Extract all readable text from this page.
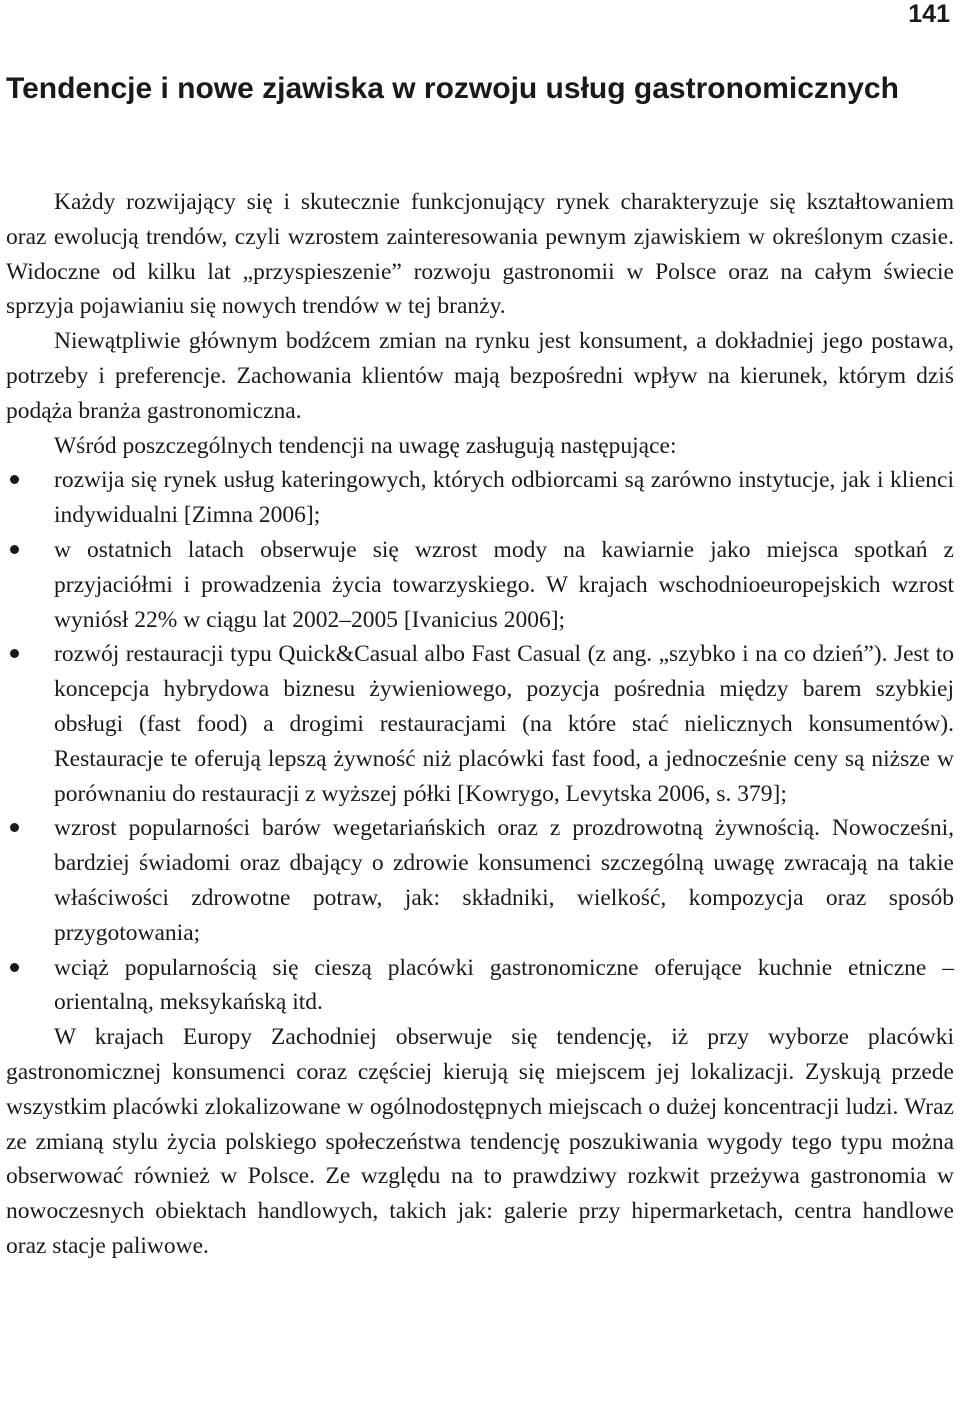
141
Tendencje i nowe zjawiska w rozwoju usług gastronomicznych

Każdy rozwijający się i skutecznie funkcjonujący rynek charakteryzuje się kształtowaniem oraz ewolucją trendów, czyli wzrostem zainteresowania pewnym zjawiskiem w określonym czasie. Widoczne od kilku lat „przyspieszenie” rozwoju gastronomii w Polsce oraz na całym świecie sprzyja pojawianiu się nowych trendów w tej branży.

Niewątpliwie głównym bodźcem zmian na rynku jest konsument, a dokładniej jego postawa, potrzeby i preferencje. Zachowania klientów mają bezpośredni wpływ na kierunek, którym dziś podąża branża gastronomiczna.

Wśród poszczególnych tendencji na uwagę zasługują następujące:

rozwija się rynek usług kateringowych, których odbiorcami są zarówno instytucje, jak i klienci indywidualni [Zimna 2006];
w ostatnich latach obserwuje się wzrost mody na kawiarnie jako miejsca spotkań z przyjaciółmi i prowadzenia życia towarzyskiego. W krajach wschodnioeuropejskich wzrost wyniósł 22% w ciągu lat 2002–2005 [Ivanicius 2006];
rozwój restauracji typu Quick&Casual albo Fast Casual (z ang. „szybko i na co dzień”). Jest to koncepcja hybrydowa biznesu żywieniowego, pozycja pośrednia między barem szybkiej obsługi (fast food) a drogimi restauracjami (na które stać nielicznych konsumentów). Restauracje te oferują lepszą żywność niż placówki fast food, a jednocześnie ceny są niższe w porównaniu do restauracji z wyższej półki [Kowrygo, Levytska 2006, s. 379];
wzrost popularności barów wegetariańskich oraz z prozdrowotną żywnością. Nowocześni, bardziej świadomi oraz dbający o zdrowie konsumenci szczególną uwagę zwracają na takie właściwości zdrowotne potraw, jak: składniki, wielkość, kompozycja oraz sposób przygotowania;
wciąż popularnością się cieszą placówki gastronomiczne oferujące kuchnie etniczne – orientalną, meksykańską itd.

W krajach Europy Zachodniej obserwuje się tendencję, iż przy wyborze placówki gastronomicznej konsumenci coraz częściej kierują się miejscem jej lokalizacji. Zyskują przede wszystkim placówki zlokalizowane w ogólnodostępnych miejscach o dużej koncentracji ludzi. Wraz ze zmianą stylu życia polskiego społeczeństwa tendencję poszukiwania wygody tego typu można obserwować również w Polsce. Ze względu na to prawdziwy rozkwit przeżywa gastronomia w nowoczesnych obiektach handlowych, takich jak: galerie przy hipermarketach, centra handlowe oraz stacje paliwowe.
